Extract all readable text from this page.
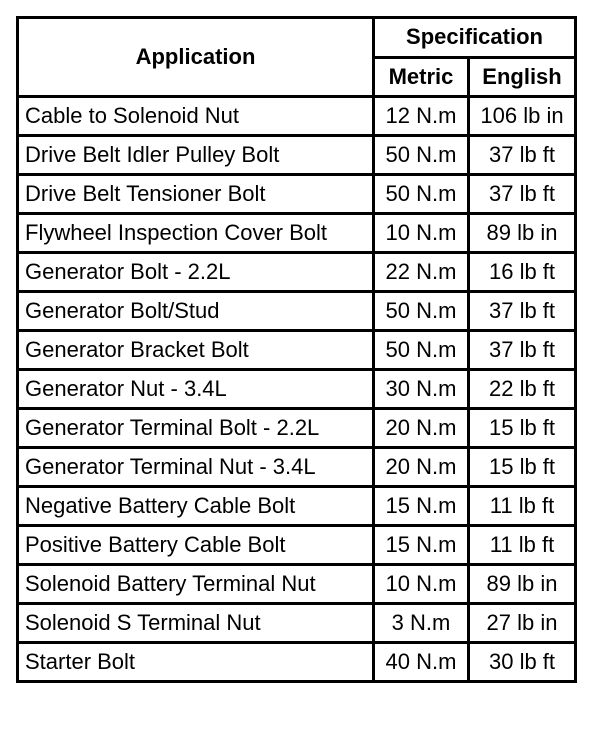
Application	Specification	
	Metric	English
Cable to Solenoid Nut	12 N.m	106 lb in
Drive Belt Idler Pulley Bolt	50 N.m	37 lb ft
Drive Belt Tensioner Bolt	50 N.m	37 lb ft
Flywheel Inspection Cover Bolt	10 N.m	89 lb in
Generator Bolt - 2.2L	22 N.m	16 lb ft
Generator Bolt/Stud	50 N.m	37 lb ft
Generator Bracket Bolt	50 N.m	37 lb ft
Generator Nut - 3.4L	30 N.m	22 lb ft
Generator Terminal Bolt - 2.2L	20 N.m	15 lb ft
Generator Terminal Nut - 3.4L	20 N.m	15 lb ft
Negative Battery Cable Bolt	15 N.m	11 lb ft
Positive Battery Cable Bolt	15 N.m	11 lb ft
Solenoid Battery Terminal Nut	10 N.m	89 lb in
Solenoid S Terminal Nut	3 N.m	27 lb in
Starter Bolt	40 N.m	30 lb ft
